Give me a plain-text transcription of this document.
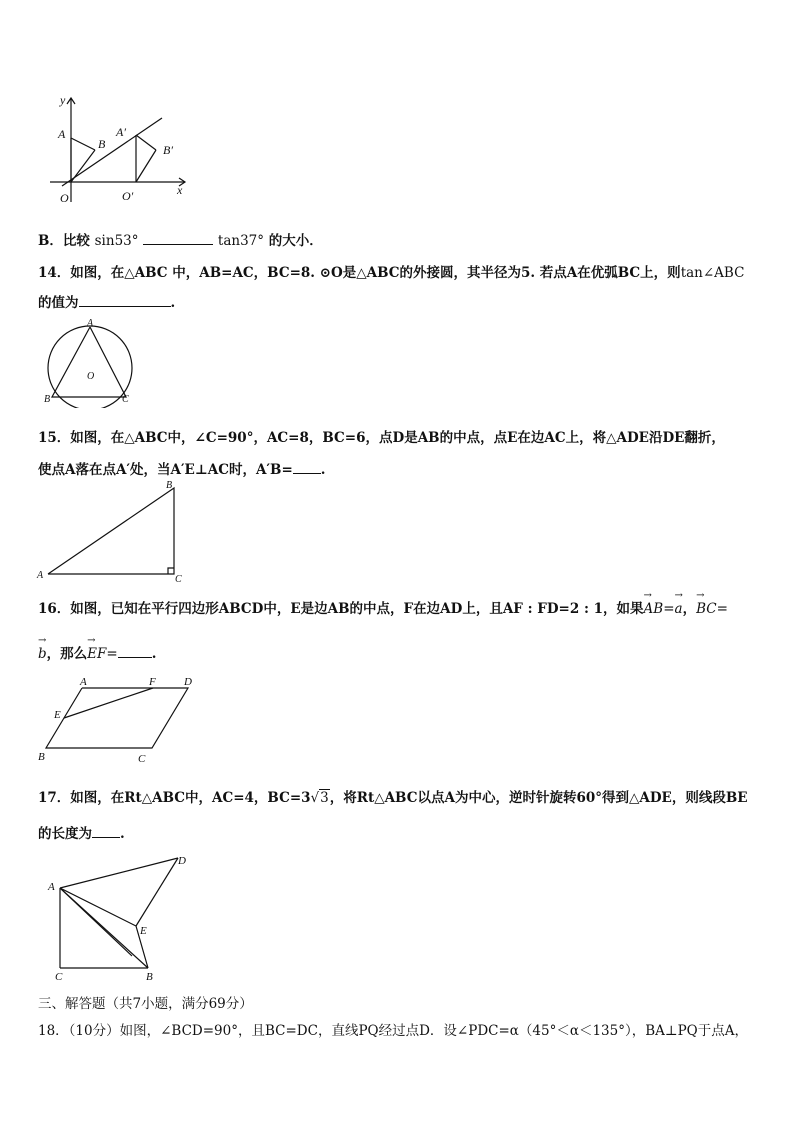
y
x
O
A
B
A′
B′
O′
B．比较 sin53°	tan37° 的大小．
14．如图，在△ABC 中，AB=AC，BC=8. ⊙O是△ABC的外接圆，其半径为5. 若点A在优弧BC上，则tan∠ABC
的值为	.
A
O
B	C
15．如图，在△ABC中，∠C=90°，AC=8，BC=6，点D是AB的中点，点E在边AC上，将△ADE沿DE翻折，
使点A落在点A′处，当A′E⊥AC时，A′B= .
B
A	C
16．如图，已知在平行四边形ABCD中，E是边AB的中点，F在边AD上，且AF : FD=2 : 1，如果→ AB=→ a，→ BC=
→ b，那么→ EF=	.
A	F	D
E
B	C
17．如图，在Rt△ABC中，AC=4，BC=3√3，将Rt△ABC以点A为中心，逆时针旋转60°得到△ADE，则线段BE
的长度为 .
D
A
E
C	B
三、解答题（共7小题，满分69分）
18．（10分）如图，∠BCD=90°，且BC=DC，直线PQ经过点D．设∠PDC=α（45°＜α＜135°），BA⊥PQ于点A，
